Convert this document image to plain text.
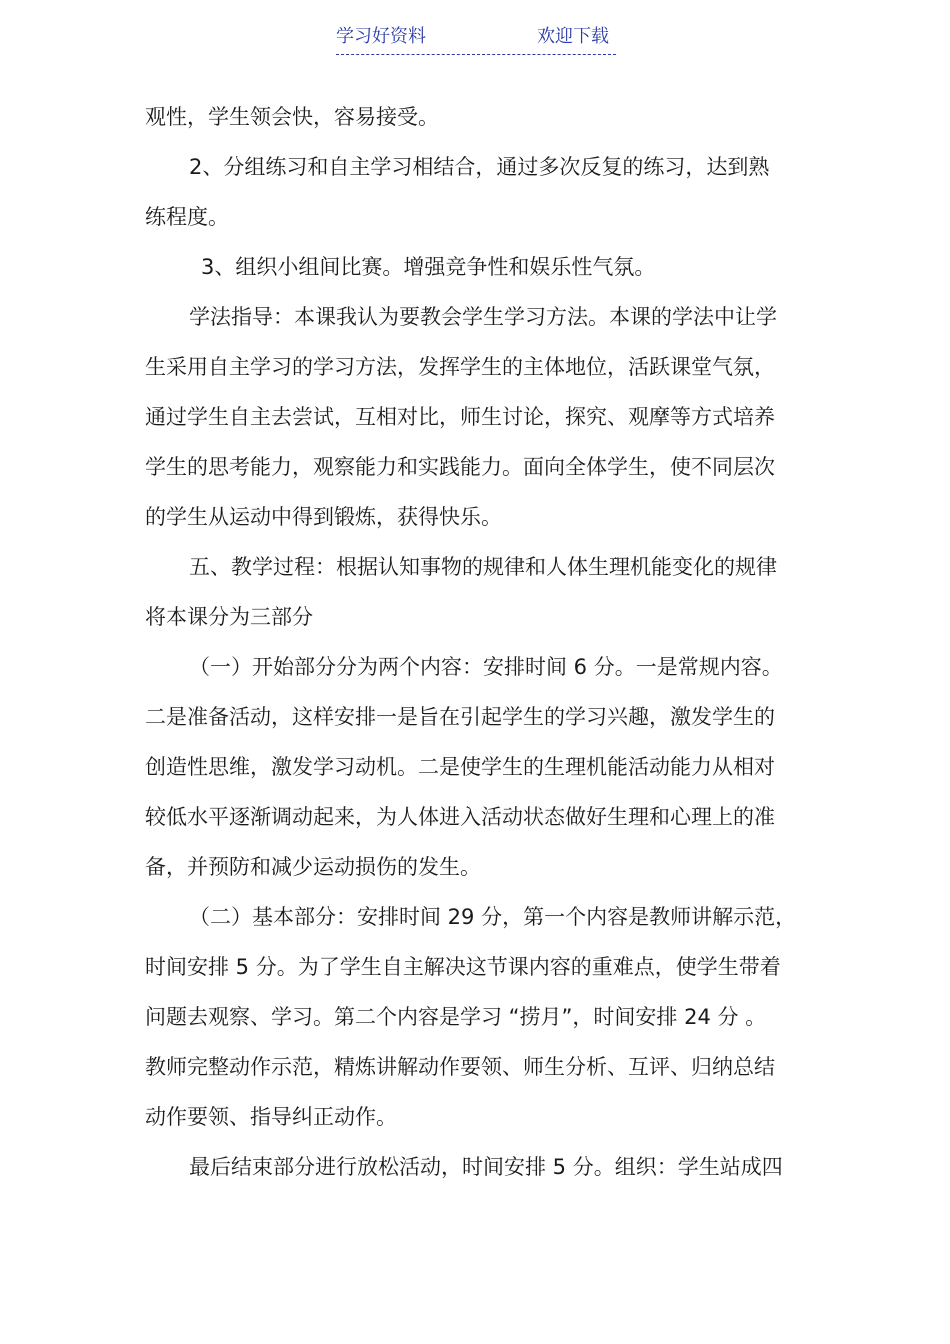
学习好资料	欢迎下载
观性，学生领会快，容易接受。
2、分组练习和自主学习相结合，通过多次反复的练习，达到熟
练程度。
3、组织小组间比赛。增强竞争性和娱乐性气氛。
学法指导：本课我认为要教会学生学习方法。本课的学法中让学
生采用自主学习的学习方法，发挥学生的主体地位，活跃课堂气氛，
通过学生自主去尝试，互相对比，师生讨论，探究、观摩等方式培养
学生的思考能力，观察能力和实践能力。面向全体学生，使不同层次
的学生从运动中得到锻炼，获得快乐。
五、教学过程：根据认知事物的规律和人体生理机能变化的规律
将本课分为三部分
（一）开始部分分为两个内容：安排时间 6 分。一是常规内容。
二是准备活动，这样安排一是旨在引起学生的学习兴趣，激发学生的
创造性思维，激发学习动机。二是使学生的生理机能活动能力从相对
较低水平逐渐调动起来，为人体进入活动状态做好生理和心理上的准
备，并预防和减少运动损伤的发生。
（二）基本部分：安排时间 29 分，第一个内容是教师讲解示范，
时间安排 5 分。为了学生自主解决这节课内容的重难点，使学生带着
问题去观察、学习。第二个内容是学习 “捞月”，时间安排 24 分 。
教师完整动作示范，精炼讲解动作要领、师生分析、互评、归纳总结
动作要领、指导纠正动作。
最后结束部分进行放松活动，时间安排 5 分。组织：学生站成四
